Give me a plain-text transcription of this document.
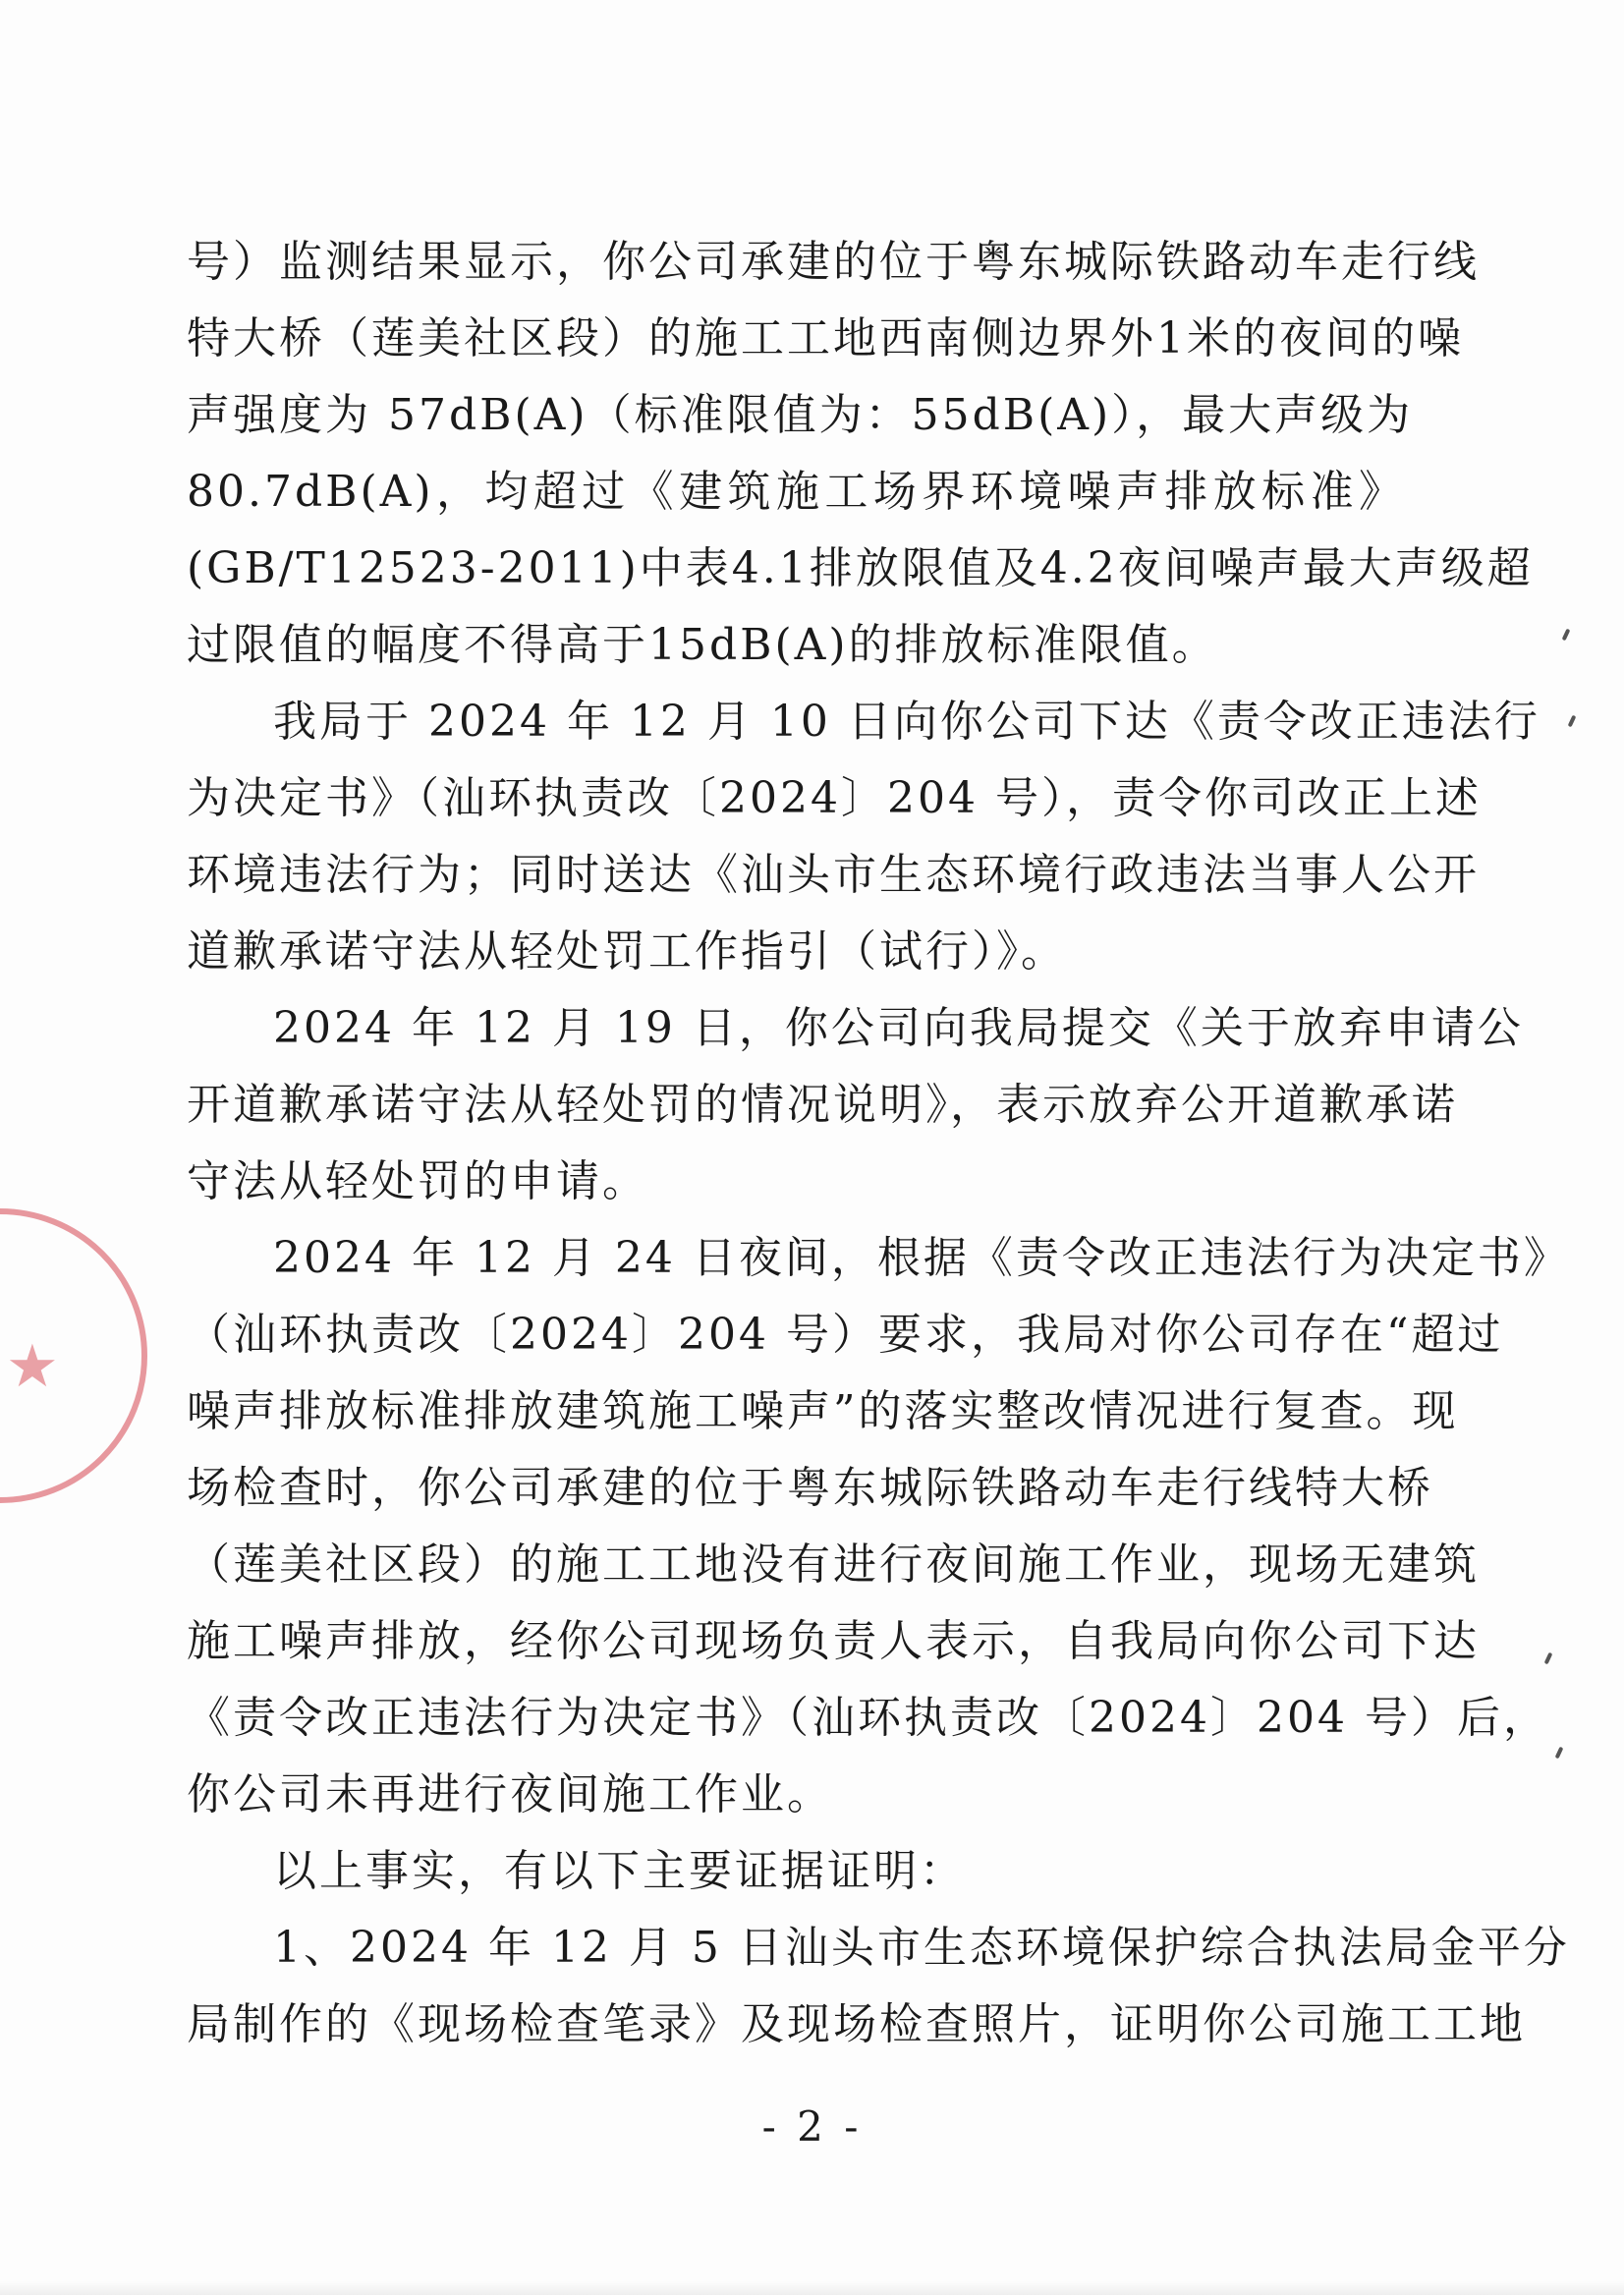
★
号）监测结果显示，你公司承建的位于粤东城际铁路动车走行线
特大桥（莲美社区段）的施工工地西南侧边界外1米的夜间的噪
声强度为 57dB(A)（标准限值为：55dB(A)），最大声级为
80.7dB(A)，均超过《建筑施工场界环境噪声排放标准》
(GB/T12523-2011)中表4.1排放限值及4.2夜间噪声最大声级超
过限值的幅度不得高于15dB(A)的排放标准限值。
我局于 2024 年 12 月 10 日向你公司下达《责令改正违法行
为决定书》（汕环执责改〔2024〕204 号），责令你司改正上述
环境违法行为；同时送达《汕头市生态环境行政违法当事人公开
道歉承诺守法从轻处罚工作指引（试行）》。
2024 年 12 月 19 日，你公司向我局提交《关于放弃申请公
开道歉承诺守法从轻处罚的情况说明》，表示放弃公开道歉承诺
守法从轻处罚的申请。
2024 年 12 月 24 日夜间，根据《责令改正违法行为决定书》
（汕环执责改〔2024〕204 号）要求，我局对你公司存在“超过
噪声排放标准排放建筑施工噪声”的落实整改情况进行复查。现
场检查时，你公司承建的位于粤东城际铁路动车走行线特大桥
（莲美社区段）的施工工地没有进行夜间施工作业，现场无建筑
施工噪声排放，经你公司现场负责人表示，自我局向你公司下达
《责令改正违法行为决定书》（汕环执责改〔2024〕204 号）后，
你公司未再进行夜间施工作业。
以上事实，有以下主要证据证明：
1、2024 年 12 月 5 日汕头市生态环境保护综合执法局金平分
局制作的《现场检查笔录》及现场检查照片，证明你公司施工工地
- 2 -
